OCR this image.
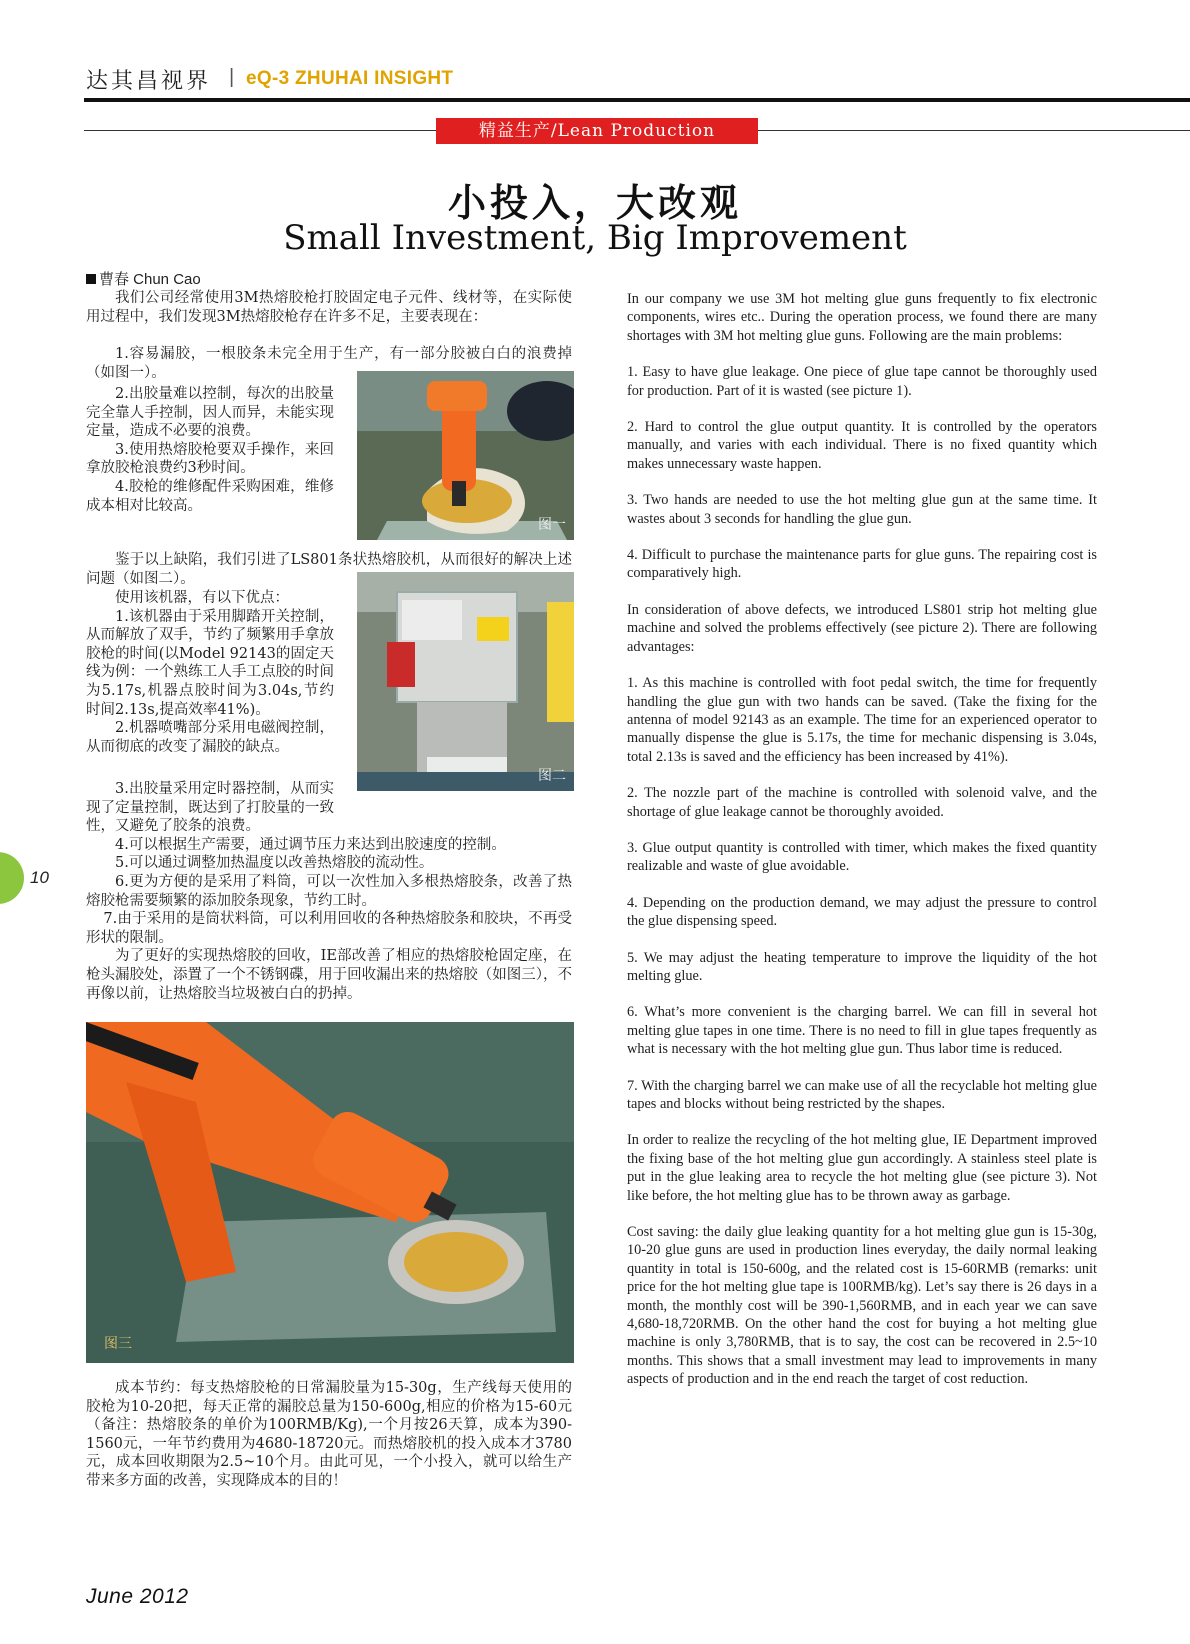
达其昌视界 | eQ-3 ZHUHAI INSIGHT
精益生产/Lean Production
小投入，大改观
Small Investment, Big Improvement
曹春 Chun Cao

我们公司经常使用3M热熔胶枪打胶固定电子元件、线材等，在实际使用过程中，我们发现3M热熔胶枪存在许多不足，主要表现在：

1.容易漏胶，一根胶条未完全用于生产，有一部分胶被白白的浪费掉（如图一）。

2.出胶量难以控制，每次的出胶量完全靠人手控制，因人而异，未能实现定量，造成不必要的浪费。

3.使用热熔胶枪要双手操作，来回拿放胶枪浪费约3秒时间。

4.胶枪的维修配件采购困难，维修成本相对比较高。

图一

鉴于以上缺陷，我们引进了LS801条状热熔胶机，从而很好的解决上述问题（如图二）。

使用该机器，有以下优点：

1.该机器由于采用脚踏开关控制，从而解放了双手，节约了频繁用手拿放胶枪的时间(以Model 92143的固定天线为例：一个熟练工人手工点胶的时间为5.17s,机器点胶时间为3.04s,节约时间2.13s,提高效率41%)。

2.机器喷嘴部分采用电磁阀控制，从而彻底的改变了漏胶的缺点。

图二

3.出胶量采用定时器控制，从而实现了定量控制，既达到了打胶量的一致性，又避免了胶条的浪费。

4.可以根据生产需要，通过调节压力来达到出胶速度的控制。

5.可以通过调整加热温度以改善热熔胶的流动性。

6.更为方便的是采用了料筒，可以一次性加入多根热熔胶条，改善了热熔胶枪需要频繁的添加胶条现象，节约工时。

7.由于采用的是筒状料筒，可以利用回收的各种热熔胶条和胶块，不再受形状的限制。

为了更好的实现热熔胶的回收，IE部改善了相应的热熔胶枪固定座，在枪头漏胶处，添置了一个不锈钢碟，用于回收漏出来的热熔胶（如图三），不再像以前，让热熔胶当垃圾被白白的扔掉。

图三

成本节约：每支热熔胶枪的日常漏胶量为15-30g，生产线每天使用的胶枪为10-20把，每天正常的漏胶总量为150-600g,相应的价格为15-60元（备注：热熔胶条的单价为100RMB/Kg),一个月按26天算，成本为390-1560元，一年节约费用为4680-18720元。而热熔胶机的投入成本才3780元，成本回收期限为2.5~10个月。由此可见，一个小投入，就可以给生产带来多方面的改善，实现降成本的目的！

In our company we use 3M hot melting glue guns frequently to fix electronic components, wires etc.. During the operation process, we found there are many shortages with 3M hot melting glue guns. Following are the main problems:

1. Easy to have glue leakage. One piece of glue tape cannot be thoroughly used for production. Part of it is wasted (see picture 1).

2. Hard to control the glue output quantity. It is controlled by the operators manually, and varies with each individual. There is no fixed quantity which makes unnecessary waste happen.

3. Two hands are needed to use the hot melting glue gun at the same time. It wastes about 3 seconds for handling the glue gun.

4. Difficult to purchase the maintenance parts for glue guns. The repairing cost is comparatively high.

In consideration of above defects, we introduced LS801 strip hot melting glue machine and solved the problems effectively (see picture 2). There are following advantages:

1. As this machine is controlled with foot pedal switch, the time for frequently handling the glue gun with two hands can be saved. (Take the fixing for the antenna of model 92143 as an example. The time for an experienced operator to manually dispense the glue is 5.17s, the time for mechanic dispensing is 3.04s, total 2.13s is saved and the efficiency has been increased by 41%).

2. The nozzle part of the machine is controlled with solenoid valve, and the shortage of glue leakage cannot be thoroughly avoided.

3. Glue output quantity is controlled with timer, which makes the fixed quantity realizable and waste of glue avoidable.

4. Depending on the production demand, we may adjust the pressure to control the glue dispensing speed.

5. We may adjust the heating temperature to improve the liquidity of the hot melting glue.

6. What’s more convenient is the charging barrel. We can fill in several hot melting glue tapes in one time. There is no need to fill in glue tapes frequently as what is necessary with the hot melting glue gun. Thus labor time is reduced.

7. With the charging barrel we can make use of all the recyclable hot melting glue tapes and blocks without being restricted by the shapes.

In order to realize the recycling of the hot melting glue, IE Department improved the fixing base of the hot melting glue gun accordingly. A stainless steel plate is put in the glue leaking area to recycle the hot melting glue (see picture 3). Not like before, the hot melting glue has to be thrown away as garbage.

Cost saving: the daily glue leaking quantity for a hot melting glue gun is 15-30g, 10-20 glue guns are used in production lines everyday, the daily normal leaking quantity in total is 150-600g, and the related cost is 15-60RMB (remarks: unit price for the hot melting glue tape is 100RMB/kg). Let’s say there is 26 days in a month, the monthly cost will be 390-1,560RMB, and in each year we can save 4,680-18,720RMB. On the other hand the cost for buying a hot melting glue machine is only 3,780RMB, that is to say, the cost can be recovered in 2.5~10 months. This shows that a small investment may lead to improvements in many aspects of production and in the end reach the target of cost reduction.

10
June 2012
